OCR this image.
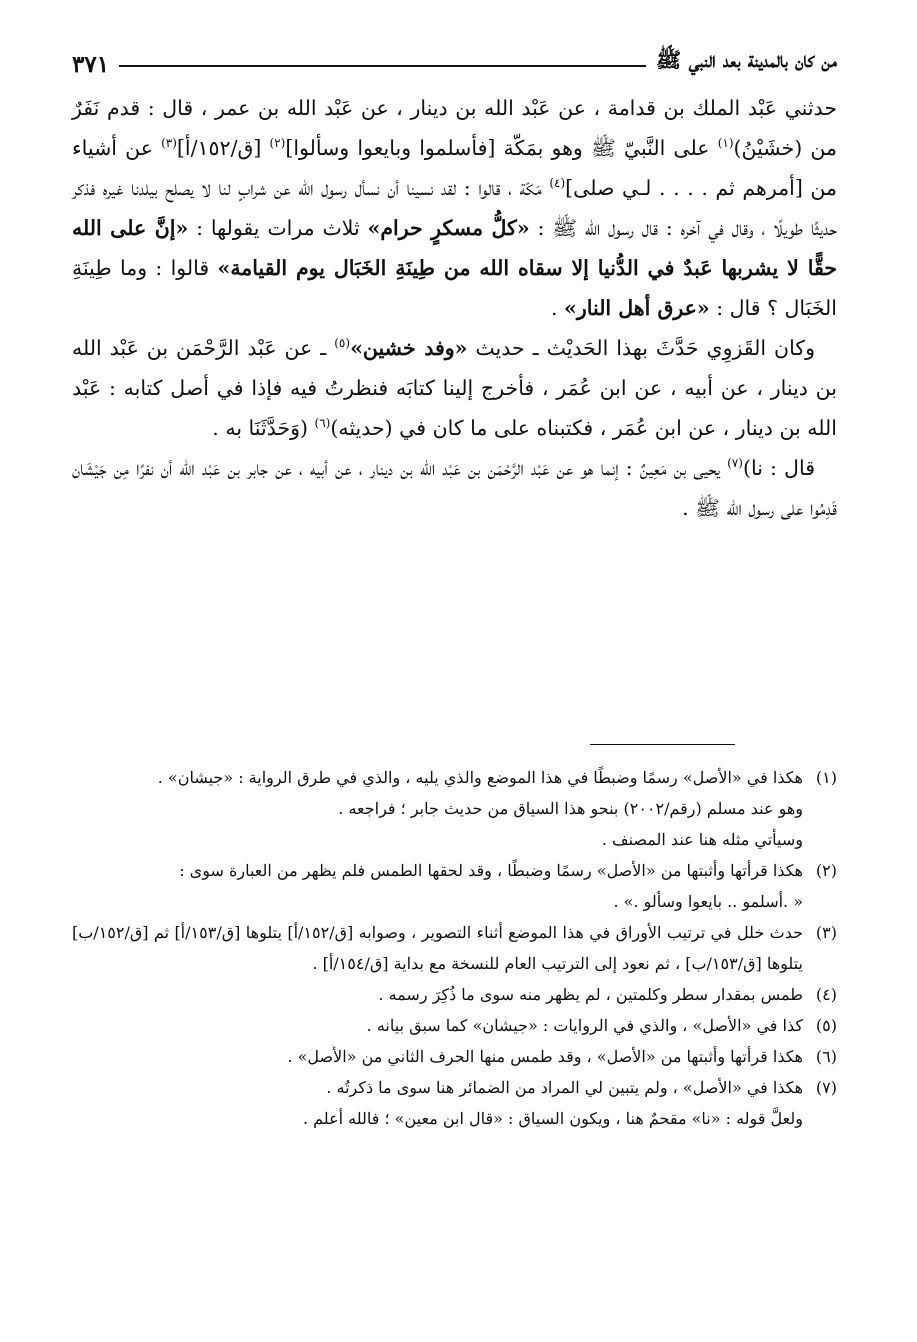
من كان بالمدينة بعد النبي ﷺ
٣٧١

حدثني عَبْد الملك بن قدامة ، عن عَبْد الله بن دينار ، عن عَبْد الله بن عمر ، قال : قدم نَفَرٌ من (خشَيْنُ)$^{(١)}$ على النَّبيّ ﷺ وهو بمَكّة [فأسلموا وبايعوا وسألوا]$^{(٢)}$ [ق/١٥٢/أ]$^{(٣)}$ عن أشياء من [أمرهم ثم . . . . لـي صلى]$^{(٤)}$ مَكّة ، قالوا : لقد نسينا أن نسأل رسول الله عن شرابٍ لنا لا يصلح بيلدنا غيره فذكر حديثًا طويلًا ، وقال في آخره : قال رسول الله ﷺ : «كلُّ مسكرٍ حرام» ثلاث مرات يقولها : «إنَّ على الله حقًّا لا يشربها عَبدٌ في الدُّنيا إلا سقاه الله من طِينَةِ الخَبَال يوم القيامة» قالوا : وما طِينَةِ الخَبَال ؟ قال : «عرق أهل النار» .

وكان القَزوِي حَدَّثَ بهذا الحَديْث ـ حديث «وفد خشين»$^{(٥)}$ ـ عن عَبْد الرَّحْمَن بن عَبْد الله بن دينار ، عن أبيه ، عن ابن عُمَر ، فأخرج إلينا كتابَه فنظرتُ فيه فإذا في أصل كتابه : عَبْد الله بن دينار ، عن ابن عُمَر ، فكتبناه على ما كان في (حديثه)$^{(٦)}$ (وَحَدَّثَنَا به .

قال : نا)$^{(٧)}$ يحيى بن مَعِينٌ : إنما هو عن عَبْد الرَّحْمَن بن عَبْد الله بن دينار ، عن أبيه ، عن جابر بن عَبْد الله أن نفرًا مِن جَيْشَان قَدِمُوا على رسول الله ﷺ .

(١)
هكذا في «الأصل» رسمًا وضبطًا في هذا الموضع والذي يليه ، والذي في طرق الرواية : «جيشان» .
وهو عند مسلم (رقم/٢٠٠٢) بنحو هذا السياق من حديث جابر ؛ فراجعه .
وسيأتي مثله هنا عند المصنف .
(٢)
هكذا قرأتها وأثبتها من «الأصل» رسمًا وضبطًا ، وقد لحقها الطمس فلم يظهر من العبارة سوى :
« .أسلمو .. بايعوا وسألو .» .
(٣)
حدث خلل في ترتيب الأوراق في هذا الموضع أثناء التصوير ، وصوابه [ق/١٥٢/أ] يتلوها [ق/١٥٣/أ] ثم [ق/١٥٢/ب] يتلوها [ق/١٥٣/ب] ، ثم نعود إلى الترتيب العام للنسخة مع بداية [ق/١٥٤/أ] .
(٤)
طمس بمقدار سطر وكلمتين ، لم يظهر منه سوى ما ذُكِرَ رسمه .
(٥)
كذا في «الأصل» ، والذي في الروايات : «جيشان» كما سبق بيانه .
(٦)
هكذا قرأتها وأثبتها من «الأصل» ، وقد طمس منها الحرف الثاني من «الأصل» .
(٧)
هكذا في «الأصل» ، ولم يتبين لي المراد من الضمائر هنا سوى ما ذكرتُه .
ولعلَّ قوله : «نا» مقحمٌ هنا ، ويكون السياق : «قال ابن معين» ؛ فالله أعلم .
